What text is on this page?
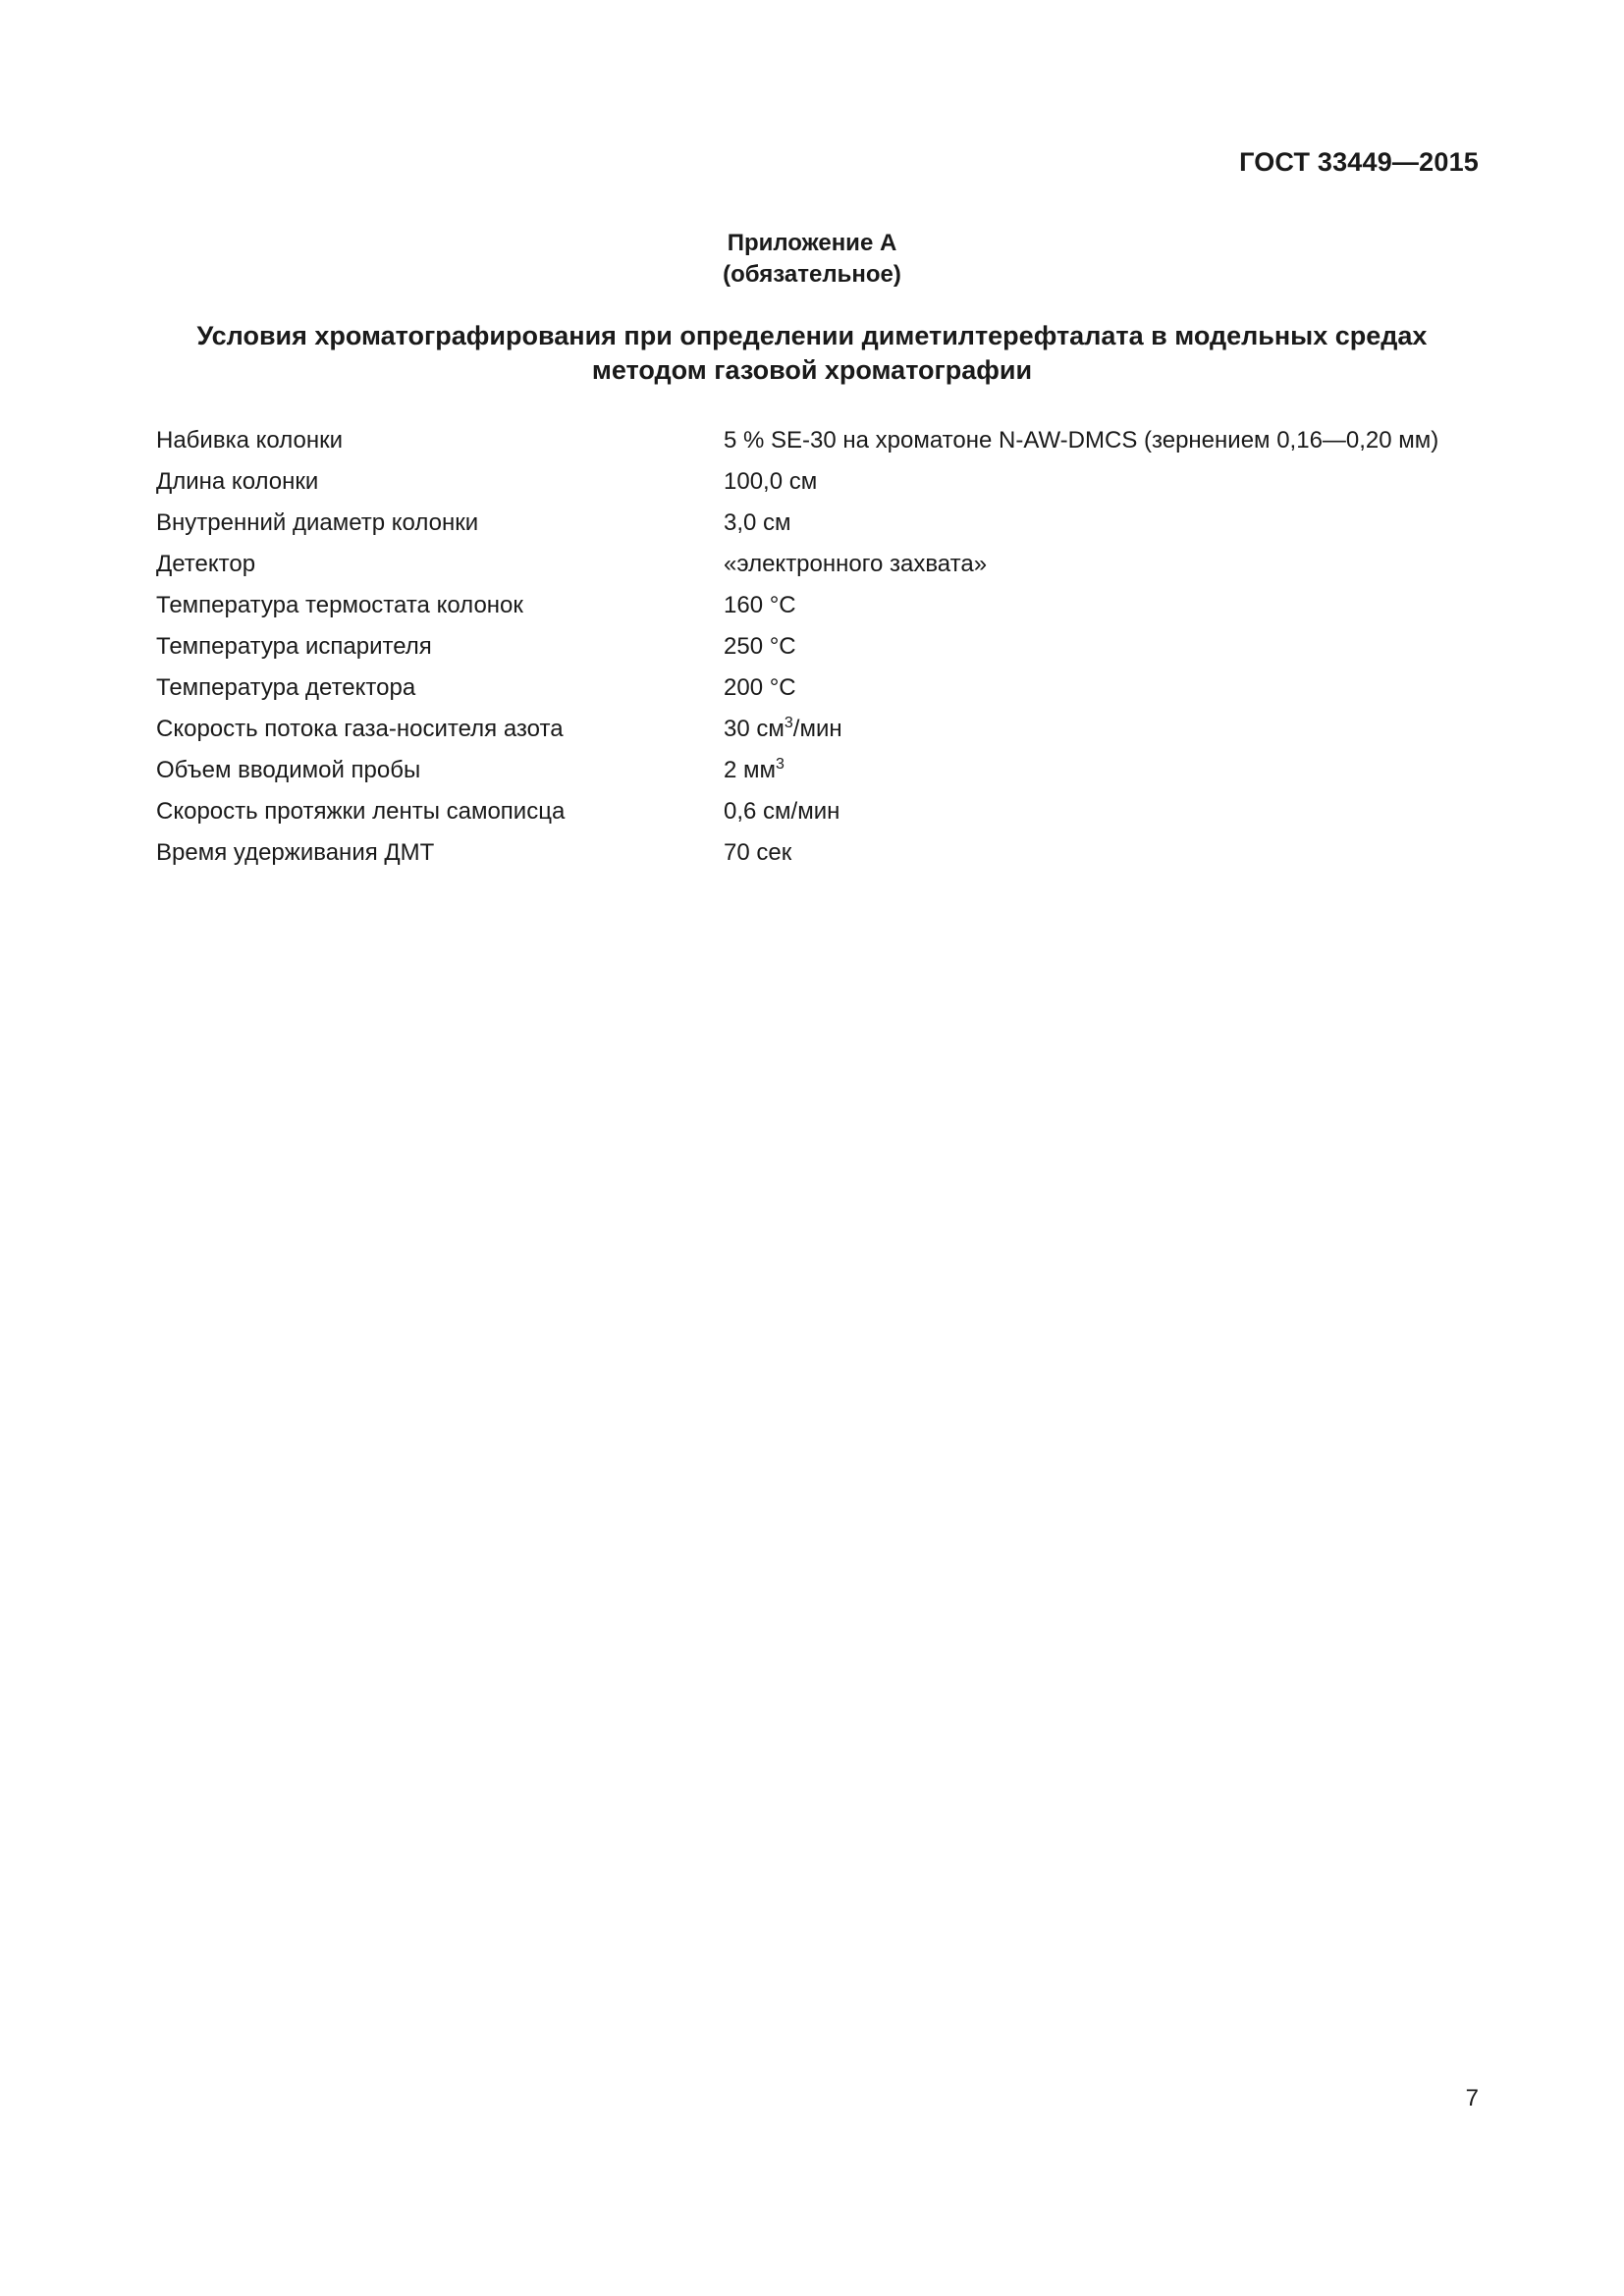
ГОСТ 33449—2015
Приложение А
(обязательное)
Условия хроматографирования при определении диметилтерефталата в модельных средах
методом газовой хроматографии
Набивка колонки	5 % SE-30 на хроматоне N-AW-DMCS (зернением 0,16—0,20 мм)
Длина колонки	100,0 см
Внутренний диаметр колонки	3,0 см
Детектор	«электронного захвата»
Температура термостата колонок	160 °С
Температура испарителя	250 °С
Температура детектора	200 °С
Скорость потока газа-носителя азота	30 $см^3$/мин
Объем вводимой пробы	2 $мм^3$
Скорость протяжки ленты самописца	0,6 см/мин
Время удерживания ДМТ	70 сек
7
